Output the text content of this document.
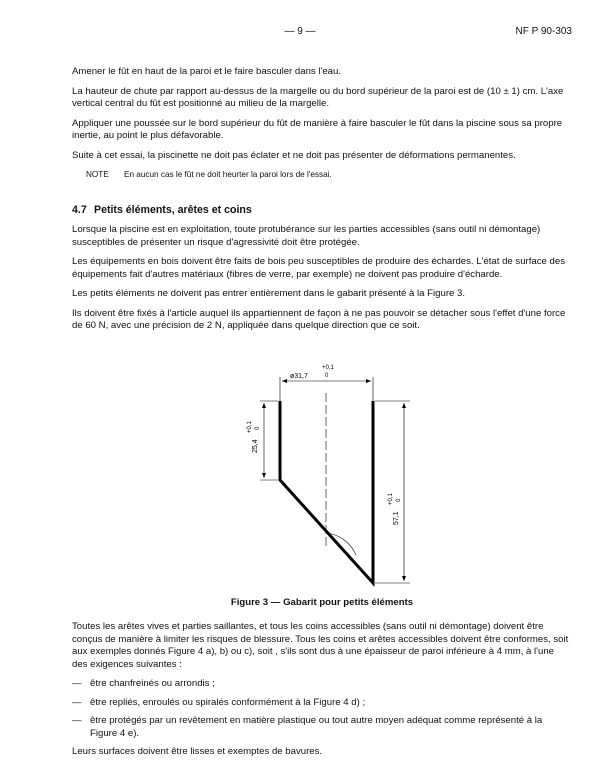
— 9 —	NF P 90-303

Amener le fût en haut de la paroi et le faire basculer dans l'eau.

La hauteur de chute par rapport au-dessus de la margelle ou du bord supérieur de la paroi est de (10 ± 1) cm. L'axe vertical central du fût est positionné au milieu de la margelle.

Appliquer une poussée sur le bord supérieur du fût de manière à faire basculer le fût dans la piscine sous sa propre inertie, au point le plus défavorable.

Suite à cet essai, la piscinette ne doit pas éclater et ne doit pas présenter de déformations permanentes.

NOTE En aucun cas le fût ne doit heurter la paroi lors de l'essai.
4.7 Petits éléments, arêtes et coins

Lorsque la piscine est en exploitation, toute protubérance sur les parties accessibles (sans outil ni démontage) susceptibles de présenter un risque d'agressivité doit être protégée.

Les équipements en bois doivent être faits de bois peu susceptibles de produire des échardes. L'état de surface des équipements fait d'autres matériaux (fibres de verre, par exemple) ne doivent pas produire d'écharde.

Les petits éléments ne doivent pas entrer entièrement dans le gabarit présenté à la Figure 3.

Ils doivent être fixés à l'article auquel ils appartiennent de façon à ne pas pouvoir se détacher sous l'effet d'une force de 60 N, avec une précision de 2 N, appliquée dans quelque direction que ce soit.

ø31,7
+0,1
0
25,4
+0,1 0
57,1
+0,1 0
Figure 3 — Gabarit pour petits éléments

Toutes les arêtes vives et parties saillantes, et tous les coins accessibles (sans outil ni démontage) doivent être conçus de manière à limiter les risques de blessure. Tous les coins et arêtes accessibles doivent être conformes, soit aux exemples donnés Figure 4 a), b) ou c), soit , s'ils sont dus à une épaisseur de paroi inférieure à 4 mm, à l'une des exigences suivantes :

— être chanfreinés ou arrondis ;
— être repliés, enroulés ou spiralés conformément à la Figure 4 d) ;
— être protégés par un revêtement en matière plastique ou tout autre moyen adéquat comme représenté à la Figure 4 e).

Leurs surfaces doivent être lisses et exemptes de bavures.
